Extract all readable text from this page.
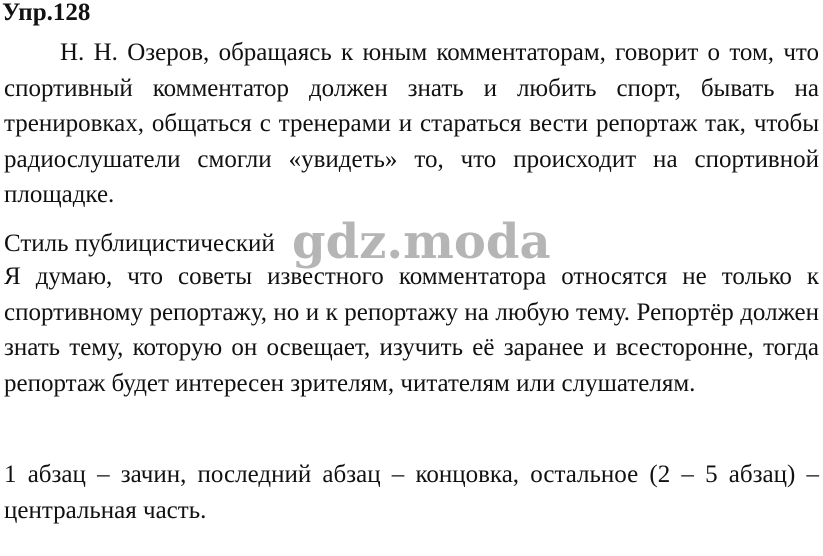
Упр.128

Н. Н. Озеров, обращаясь к юным комментаторам, говорит о том, что спортивный комментатор должен знать и любить спорт, бывать на тренировках, общаться с тренерами и стараться вести репортаж так, чтобы радиослушатели смогли «увидеть» то, что происходит на спортивной площадке.

Стиль публицистический

Я думаю, что советы известного комментатора относятся не только к спортивному репортажу, но и к репортажу на любую тему. Репортёр должен знать тему, которую он освещает, изучить её заранее и всесторонне, тогда репортаж будет интересен зрителям, читателям или слушателям.

1 абзац – зачин, последний абзац – концовка, остальное (2 – 5 абзац) – центральная часть.

gdz.moda
